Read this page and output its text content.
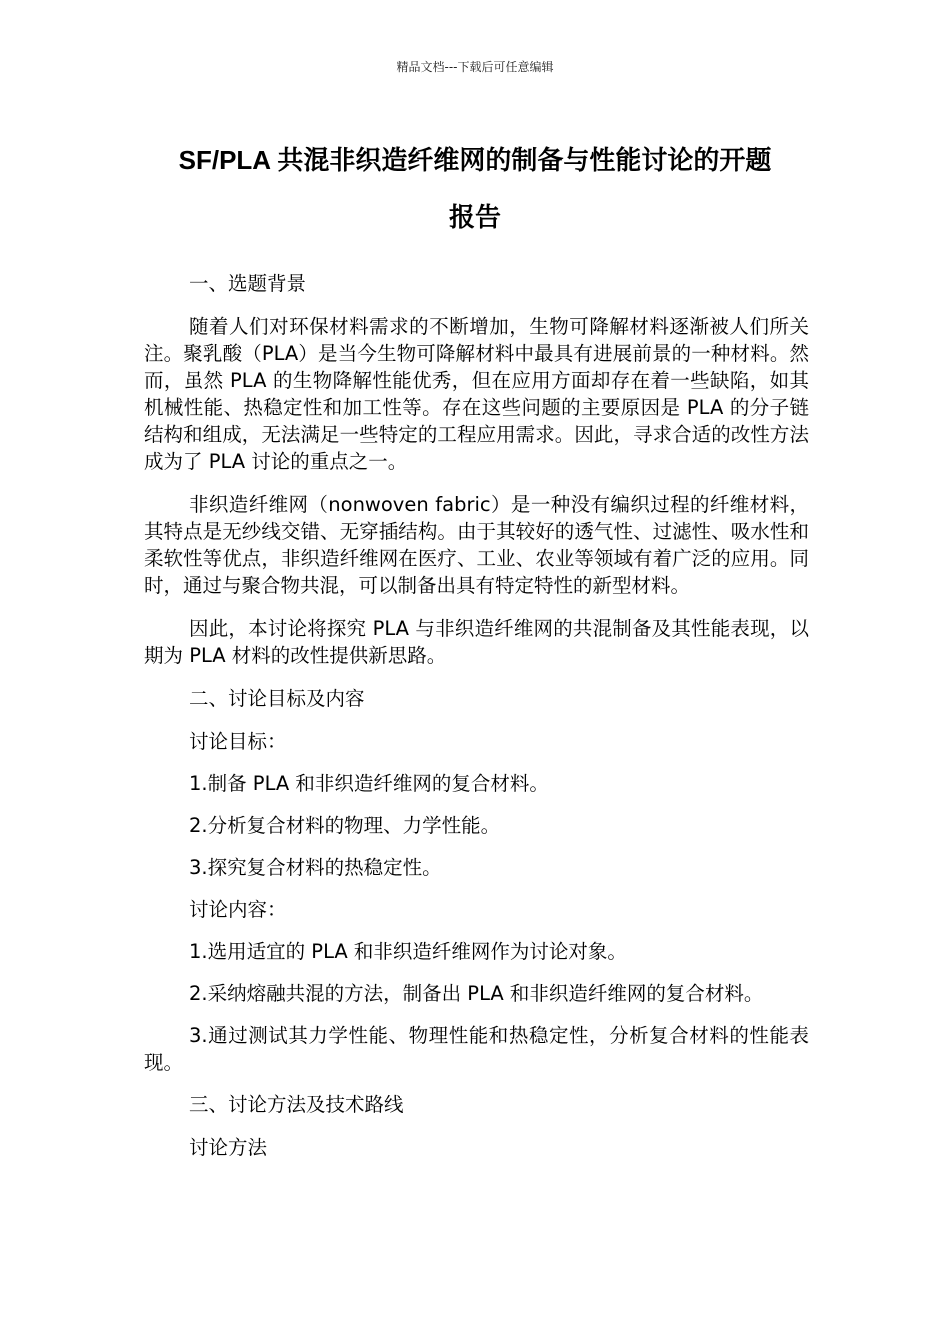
精品文档---下载后可任意编辑
SF/PLA 共混非织造纤维网的制备与性能讨论的开题
报告

一、选题背景

随着人们对环保材料需求的不断增加，生物可降解材料逐渐被人们所关注。聚乳酸（PLA）是当今生物可降解材料中最具有进展前景的一种材料。然而，虽然 PLA 的生物降解性能优秀，但在应用方面却存在着一些缺陷，如其机械性能、热稳定性和加工性等。存在这些问题的主要原因是 PLA 的分子链结构和组成，无法满足一些特定的工程应用需求。因此，寻求合适的改性方法成为了 PLA 讨论的重点之一。

非织造纤维网（nonwoven fabric）是一种没有编织过程的纤维材料，其特点是无纱线交错、无穿插结构。由于其较好的透气性、过滤性、吸水性和柔软性等优点，非织造纤维网在医疗、工业、农业等领域有着广泛的应用。同时，通过与聚合物共混，可以制备出具有特定特性的新型材料。

因此，本讨论将探究 PLA 与非织造纤维网的共混制备及其性能表现，以期为 PLA 材料的改性提供新思路。

二、讨论目标及内容

讨论目标：

1.制备 PLA 和非织造纤维网的复合材料。

2.分析复合材料的物理、力学性能。

3.探究复合材料的热稳定性。

讨论内容：

1.选用适宜的 PLA 和非织造纤维网作为讨论对象。

2.采纳熔融共混的方法，制备出 PLA 和非织造纤维网的复合材料。

3.通过测试其力学性能、物理性能和热稳定性，分析复合材料的性能表现。

三、讨论方法及技术路线

讨论方法
